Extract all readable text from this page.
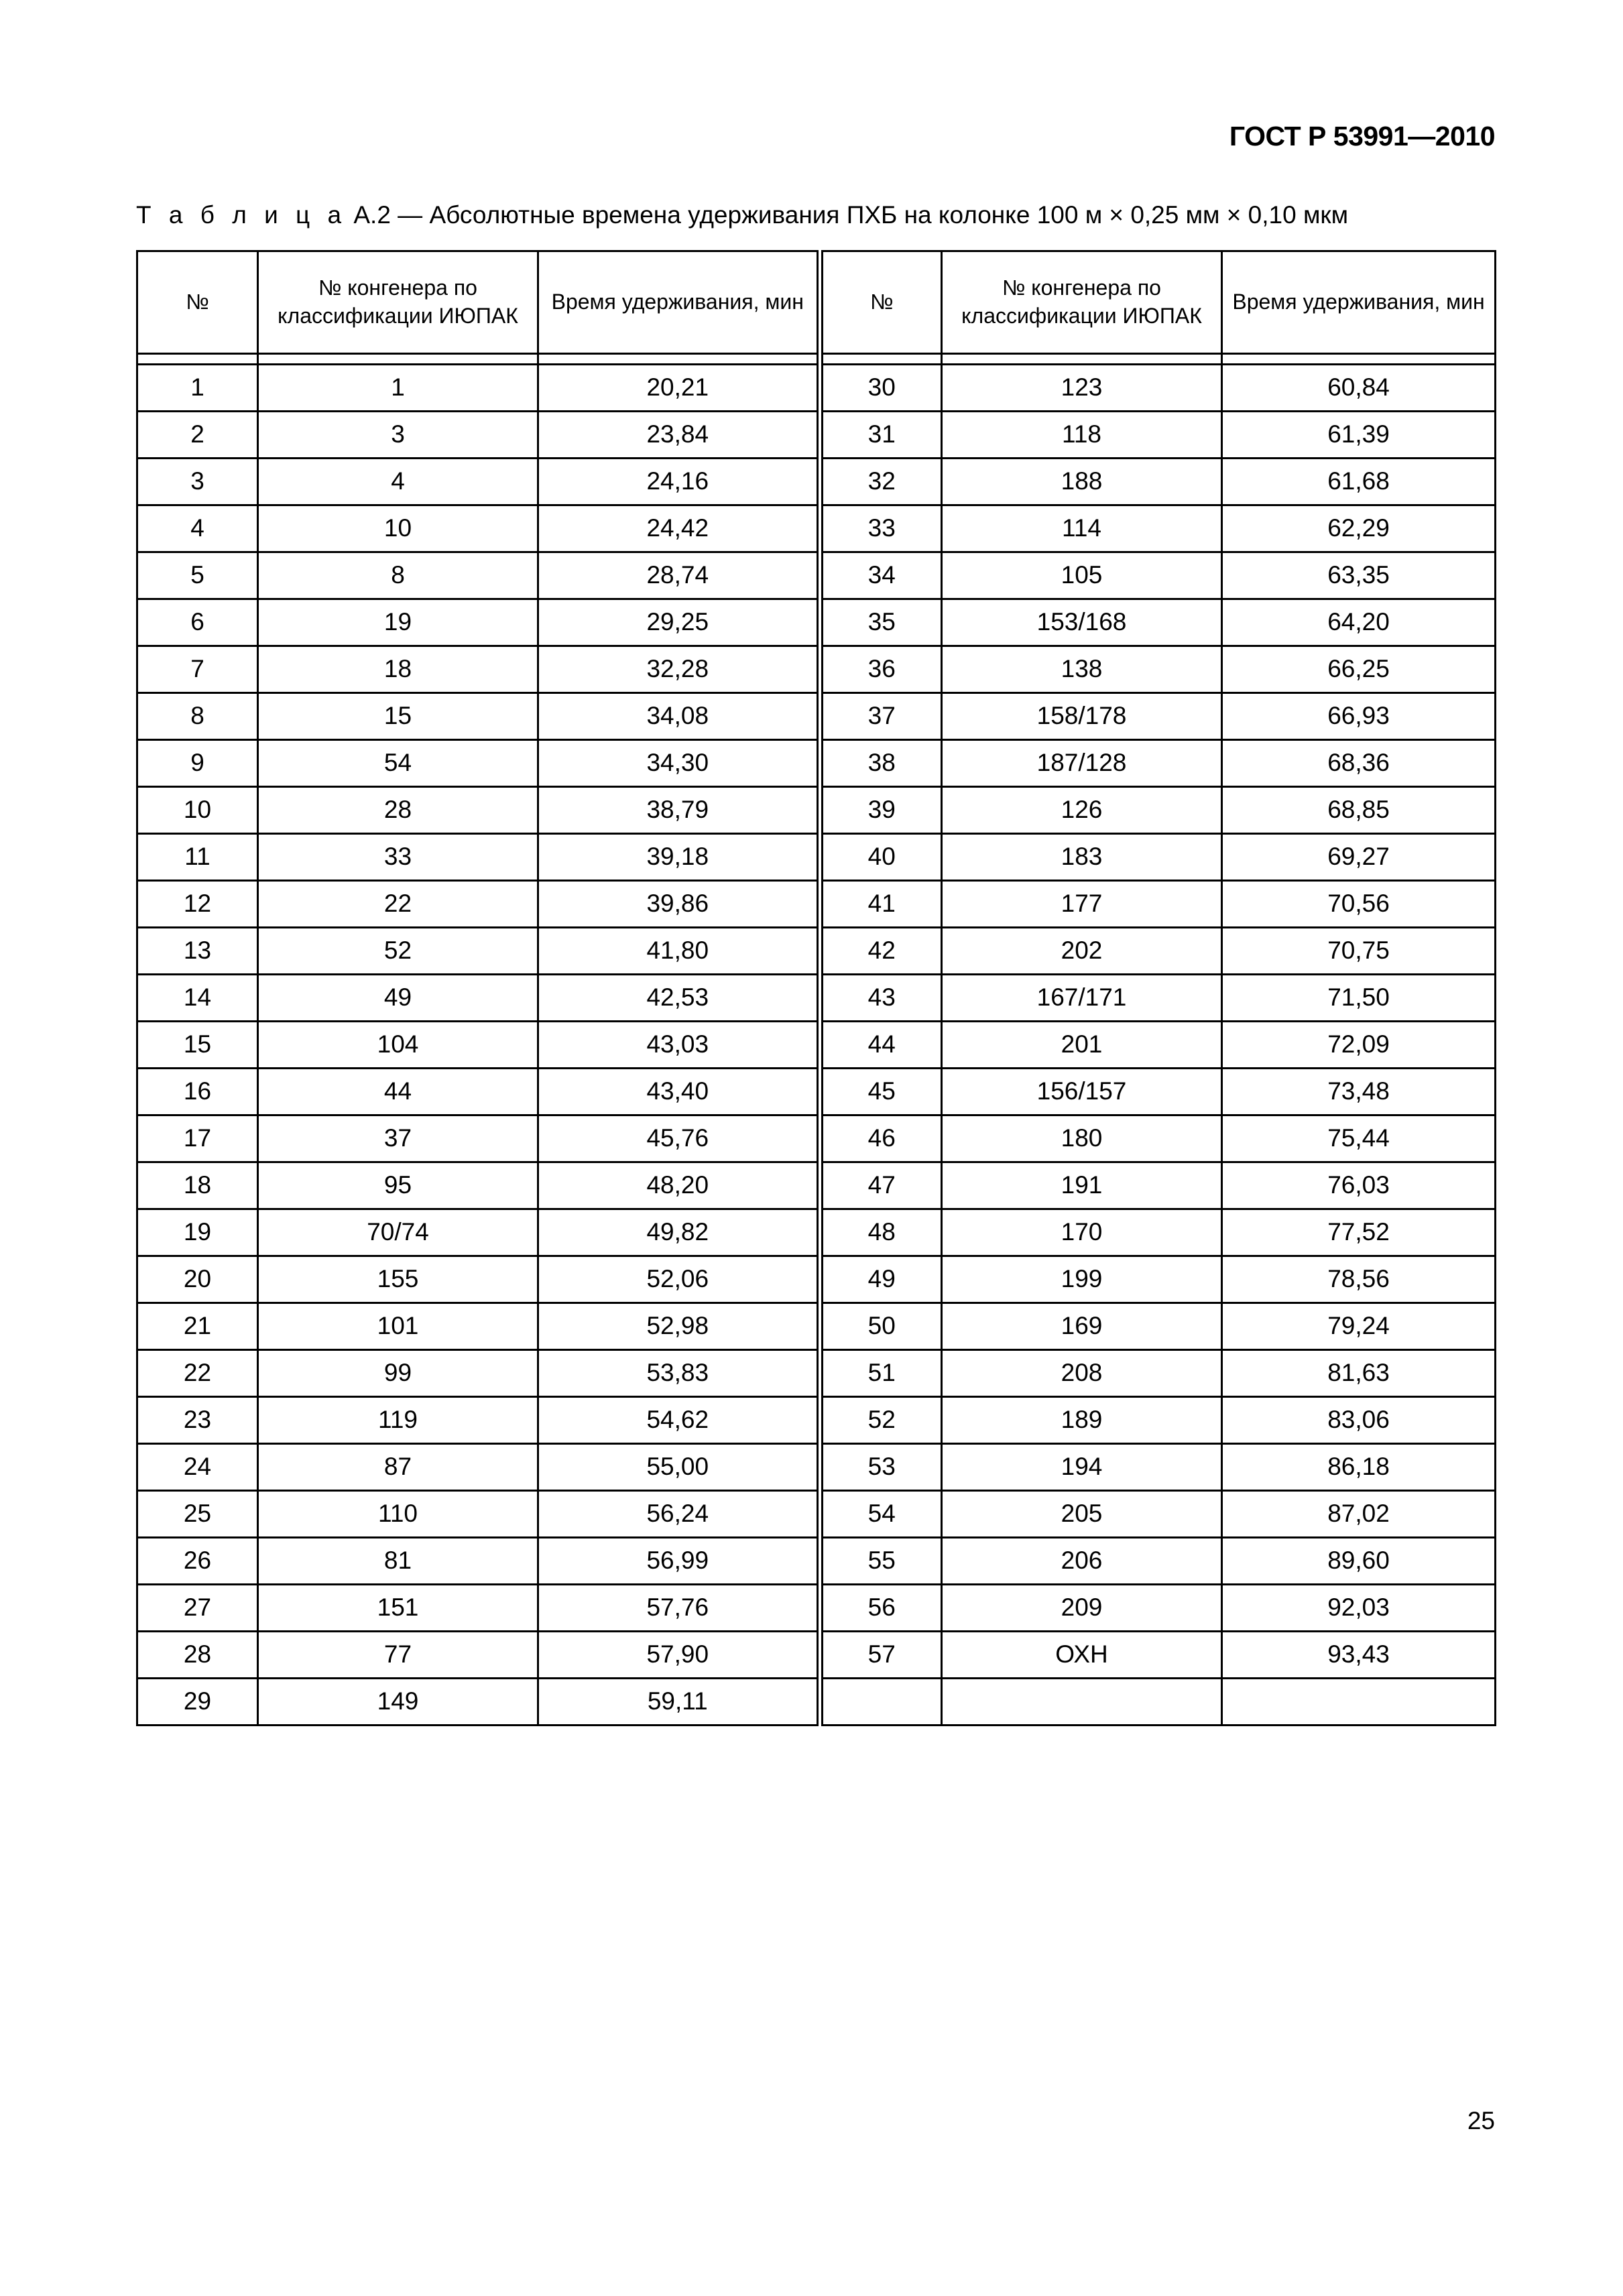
ГОСТ Р 53991—2010
Т а б л и ц а А.2 — Абсолютные времена удерживания ПХБ на колонке 100 м × 0,25 мм × 0,10 мкм
№	№ конгенера по классификации ИЮПАК	Время удерживания, мин	№	№ конгенера по классификации ИЮПАК	Время удерживания, мин

1	1	20,21	30	123	60,84
2	3	23,84	31	118	61,39
3	4	24,16	32	188	61,68
4	10	24,42	33	114	62,29
5	8	28,74	34	105	63,35
6	19	29,25	35	153/168	64,20
7	18	32,28	36	138	66,25
8	15	34,08	37	158/178	66,93
9	54	34,30	38	187/128	68,36
10	28	38,79	39	126	68,85
11	33	39,18	40	183	69,27
12	22	39,86	41	177	70,56
13	52	41,80	42	202	70,75
14	49	42,53	43	167/171	71,50
15	104	43,03	44	201	72,09
16	44	43,40	45	156/157	73,48
17	37	45,76	46	180	75,44
18	95	48,20	47	191	76,03
19	70/74	49,82	48	170	77,52
20	155	52,06	49	199	78,56
21	101	52,98	50	169	79,24
22	99	53,83	51	208	81,63
23	119	54,62	52	189	83,06
24	87	55,00	53	194	86,18
25	110	56,24	54	205	87,02
26	81	56,99	55	206	89,60
27	151	57,76	56	209	92,03
28	77	57,90	57	ОХН	93,43
29	149	59,11			
25
